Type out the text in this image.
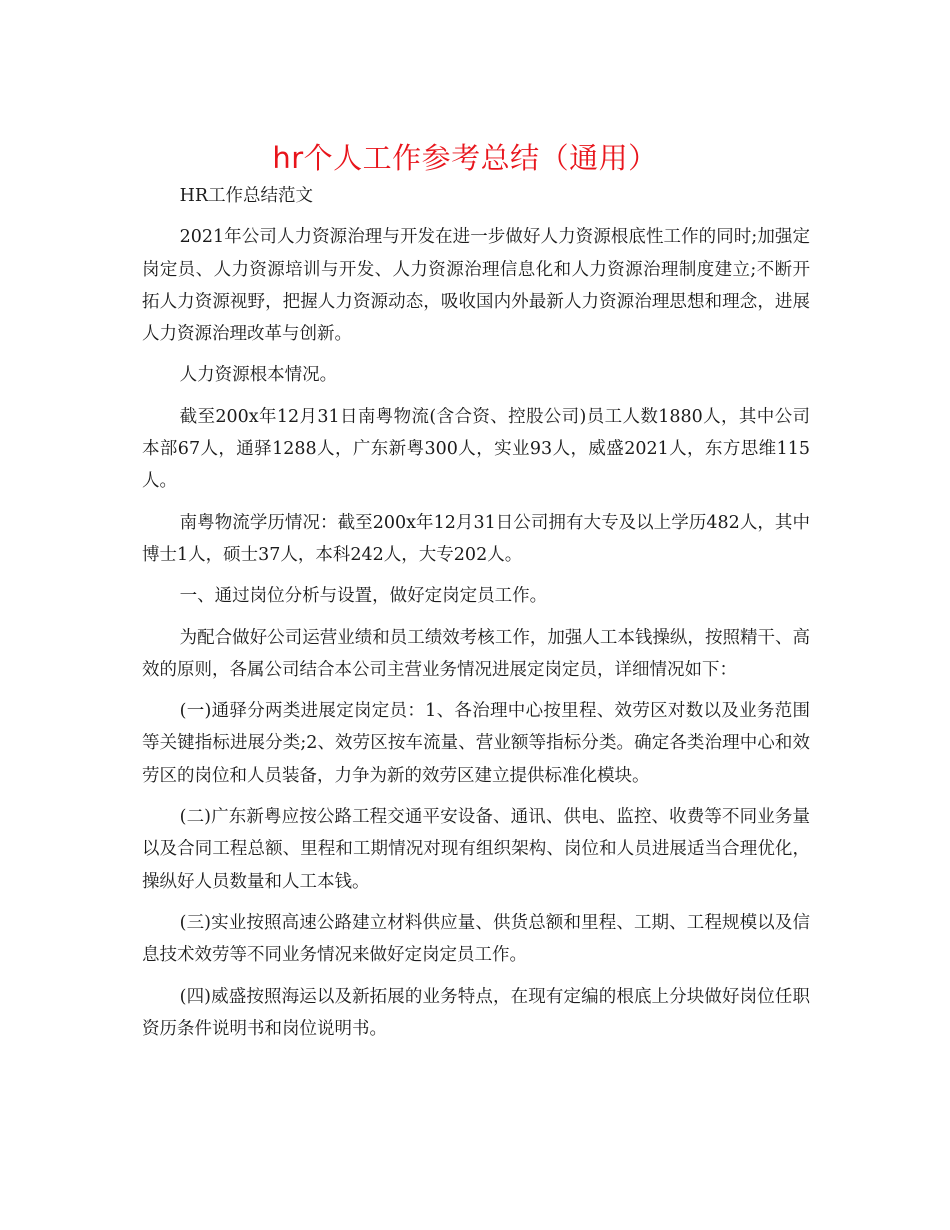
hr个人工作参考总结（通用）

HR工作总结范文

2021年公司人力资源治理与开发在进一步做好人力资源根底性工作的同时;加强定岗定员、人力资源培训与开发、人力资源治理信息化和人力资源治理制度建立;不断开拓人力资源视野，把握人力资源动态，吸收国内外最新人力资源治理思想和理念，进展人力资源治理改革与创新。

人力资源根本情况。

截至200x年12月31日南粤物流(含合资、控股公司)员工人数1880人，其中公司本部67人，通驿1288人，广东新粤300人，实业93人，威盛2021人，东方思维115人。

南粤物流学历情况：截至200x年12月31日公司拥有大专及以上学历482人，其中博士1人，硕士37人，本科242人，大专202人。

一、通过岗位分析与设置，做好定岗定员工作。

为配合做好公司运营业绩和员工绩效考核工作，加强人工本钱操纵，按照精干、高效的原则，各属公司结合本公司主营业务情况进展定岗定员，详细情况如下：

(一)通驿分两类进展定岗定员：1、各治理中心按里程、效劳区对数以及业务范围等关键指标进展分类;2、效劳区按车流量、营业额等指标分类。确定各类治理中心和效劳区的岗位和人员装备，力争为新的效劳区建立提供标准化模块。

(二)广东新粤应按公路工程交通平安设备、通讯、供电、监控、收费等不同业务量以及合同工程总额、里程和工期情况对现有组织架构、岗位和人员进展适当合理优化，操纵好人员数量和人工本钱。

(三)实业按照高速公路建立材料供应量、供货总额和里程、工期、工程规模以及信息技术效劳等不同业务情况来做好定岗定员工作。

(四)威盛按照海运以及新拓展的业务特点，在现有定编的根底上分块做好岗位任职资历条件说明书和岗位说明书。
